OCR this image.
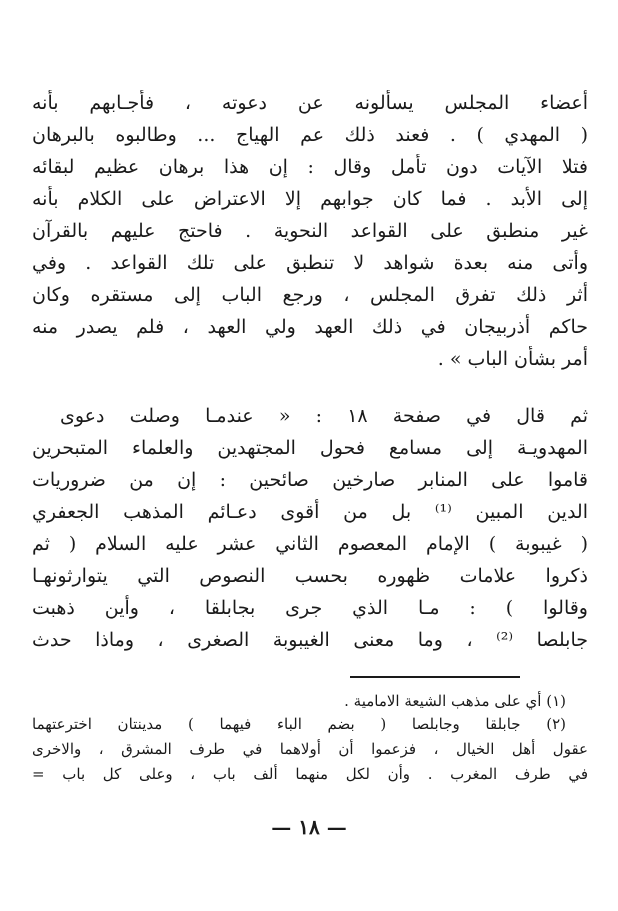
أعضاء المجلس يسألونه عن دعوته ، فأجـابهم بأنه
( المهدي ) . فعند ذلك عم الهياج ... وطالبوه بالبرهان
فتلا الآيات دون تأمل وقال : إن هذا برهان عظيم لبقائه
إلى الأبد . فما كان جوابهم إلا الاعتراض على الكلام بأنه
غير منطبق على القواعد النحوية . فاحتج عليهم بالقرآن
وأتى منه بعدة شواهد لا تنطبق على تلك القواعد . وفي
أثر ذلك تفرق المجلس ، ورجع الباب إلى مستقره وكان
حاكم أذربيجان في ذلك العهد ولي العهد ، فلم يصدر منه
أمر بشأن الباب » .
ثم قال في صفحة ١٨ : « عندمـا وصلت دعوى
المهدويـة إلى مسامع فحول المجتهدين والعلماء المتبحرين
قاموا على المنابر صارخين صائحين : إن من ضروريات
الدين المبين ⁽¹⁾ بل من أقوى دعـائم المذهب الجعفري
( غيبوبة ) الإمام المعصوم الثاني عشر عليه السلام ( ثم
ذكروا علامات ظهوره بحسب النصوص التي يتوارثونهـا
وقالوا ) : مـا الذي جرى بجابلقا ، وأين ذهبت
جابلصا ⁽²⁾ ، وما معنى الغيبوبة الصغرى ، وماذا حدث
(١) أي على مذهب الشيعة الامامية .
(٢) جابلقا وجابلصا ( بضم الباء فيهما ) مدينتان اخترعتهما
عقول أهل الخيال ، فزعموا أن أولاهما في طرف المشرق ، والاخرى
في طرف المغرب . وأن لكل منهما ألف باب ، وعلى كل باب =
— ١٨ —
